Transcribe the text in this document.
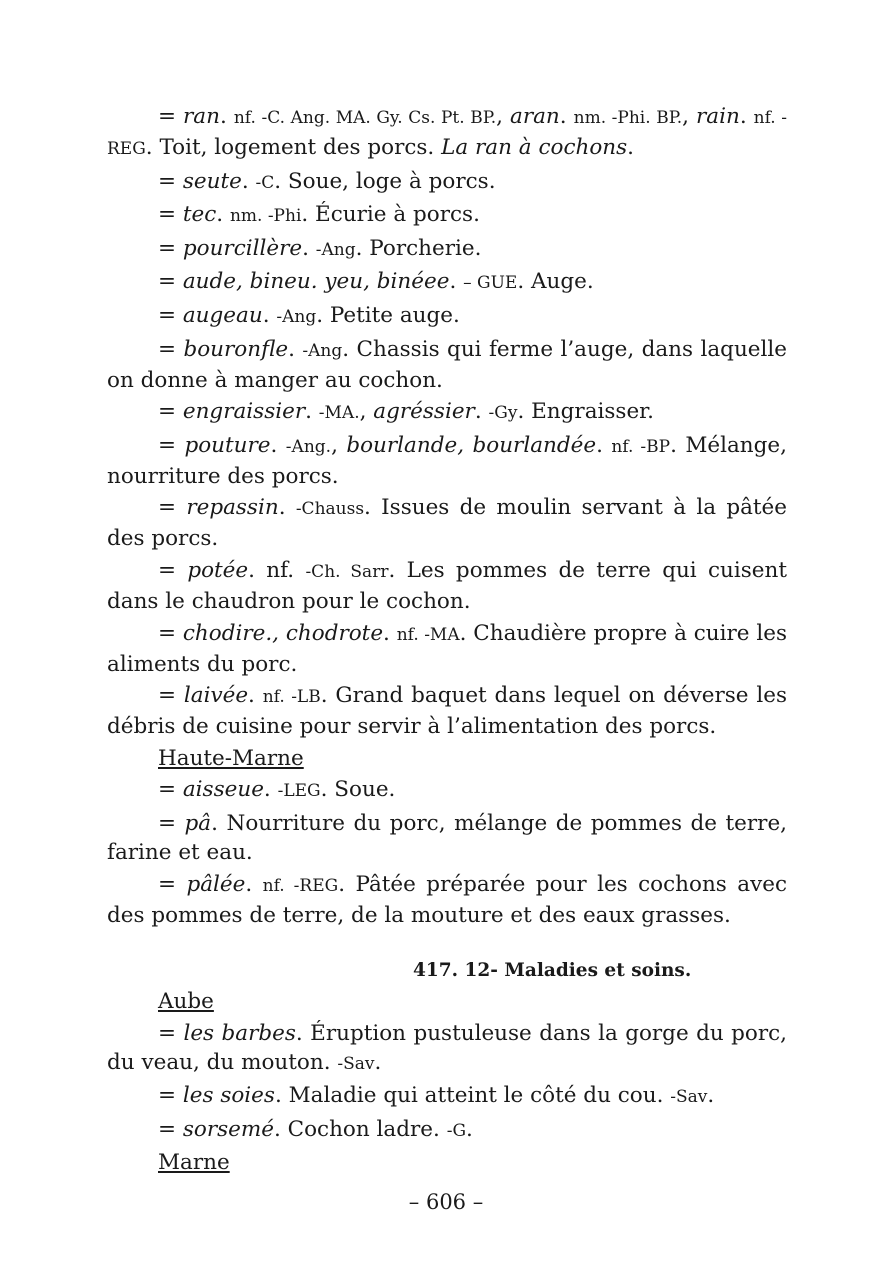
= ran. nf. -C. Ang. MA. Gy. Cs. Pt. BP., aran. nm. -Phi. BP., rain. nf. -REG. Toit, logement des porcs. La ran à cochons.

= seute. -C. Soue, loge à porcs.

= tec. nm. -Phi. Écurie à porcs.

= pourcillère. -Ang. Porcherie.

= aude, bineu. yeu, binéee. – GUE. Auge.

= augeau. -Ang. Petite auge.

= bouronfle. -Ang. Chassis qui ferme l’auge, dans laquelle on donne à manger au cochon.

= engraissier. -MA., agréssier. -Gy. Engraisser.

= pouture. -Ang., bourlande, bourlandée. nf. -BP. Mélange, nourriture des porcs.

= repassin. -Chauss. Issues de moulin servant à la pâtée des porcs.

= potée. nf. -Ch. Sarr. Les pommes de terre qui cuisent dans le chaudron pour le cochon.

= chodire., chodrote. nf. -MA. Chaudière propre à cuire les aliments du porc.

= laivée. nf. -LB. Grand baquet dans lequel on déverse les débris de cuisine pour servir à l’alimentation des porcs.

Haute-Marne

= aisseue. -LEG. Soue.

= pâ. Nourriture du porc, mélange de pommes de terre, farine et eau.

= pâlée. nf. -REG. Pâtée préparée pour les cochons avec des pommes de terre, de la mouture et des eaux grasses.

417. 12- Maladies et soins.
Aube

= les barbes. Éruption pustuleuse dans la gorge du porc, du veau, du mouton. -Sav.

= les soies. Maladie qui atteint le côté du cou. -Sav.

= sorsemé. Cochon ladre. -G.

Marne
– 606 –
